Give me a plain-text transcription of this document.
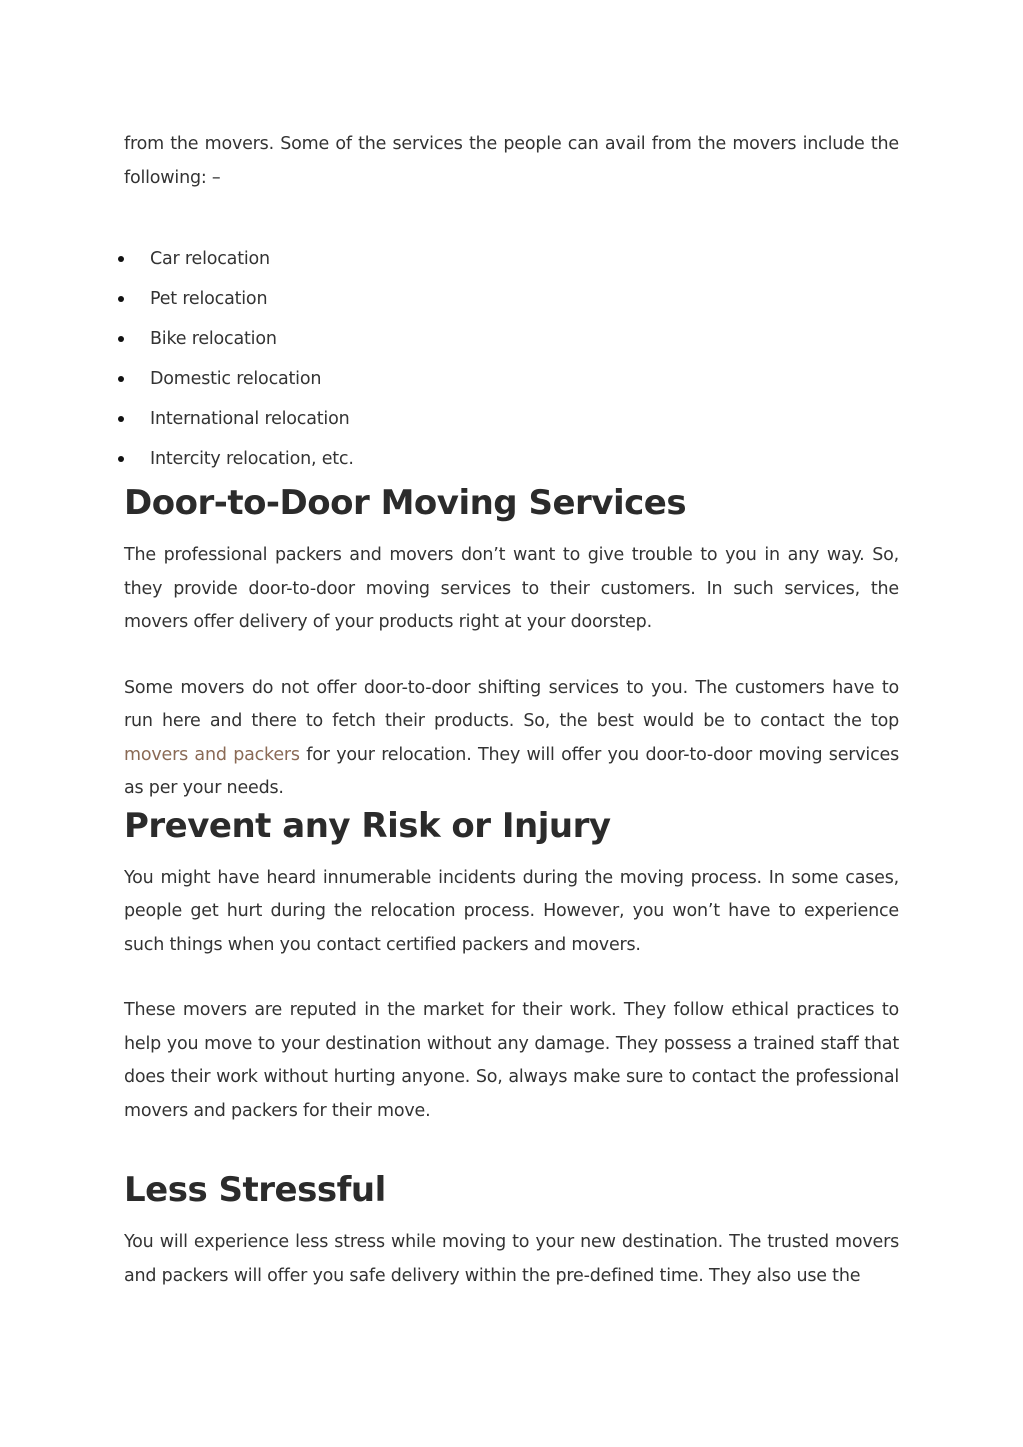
from the movers. Some of the services the people can avail from the movers include the following: –

Car relocation
Pet relocation
Bike relocation
Domestic relocation
International relocation
Intercity relocation, etc.
Door-to-Door Moving Services

The professional packers and movers don’t want to give trouble to you in any way. So, they provide door-to-door moving services to their customers. In such services, the movers offer delivery of your products right at your doorstep.

Some movers do not offer door-to-door shifting services to you. The customers have to run here and there to fetch their products. So, the best would be to contact the top movers and packers for your relocation. They will offer you door-to-door moving services as per your needs.

Prevent any Risk or Injury

You might have heard innumerable incidents during the moving process. In some cases, people get hurt during the relocation process. However, you won’t have to experience such things when you contact certified packers and movers.

These movers are reputed in the market for their work. They follow ethical practices to help you move to your destination without any damage. They possess a trained staff that does their work without hurting anyone. So, always make sure to contact the professional movers and packers for their move.

Less Stressful

You will experience less stress while moving to your new destination. The trusted movers and packers will offer you safe delivery within the pre-defined time. They also use the
